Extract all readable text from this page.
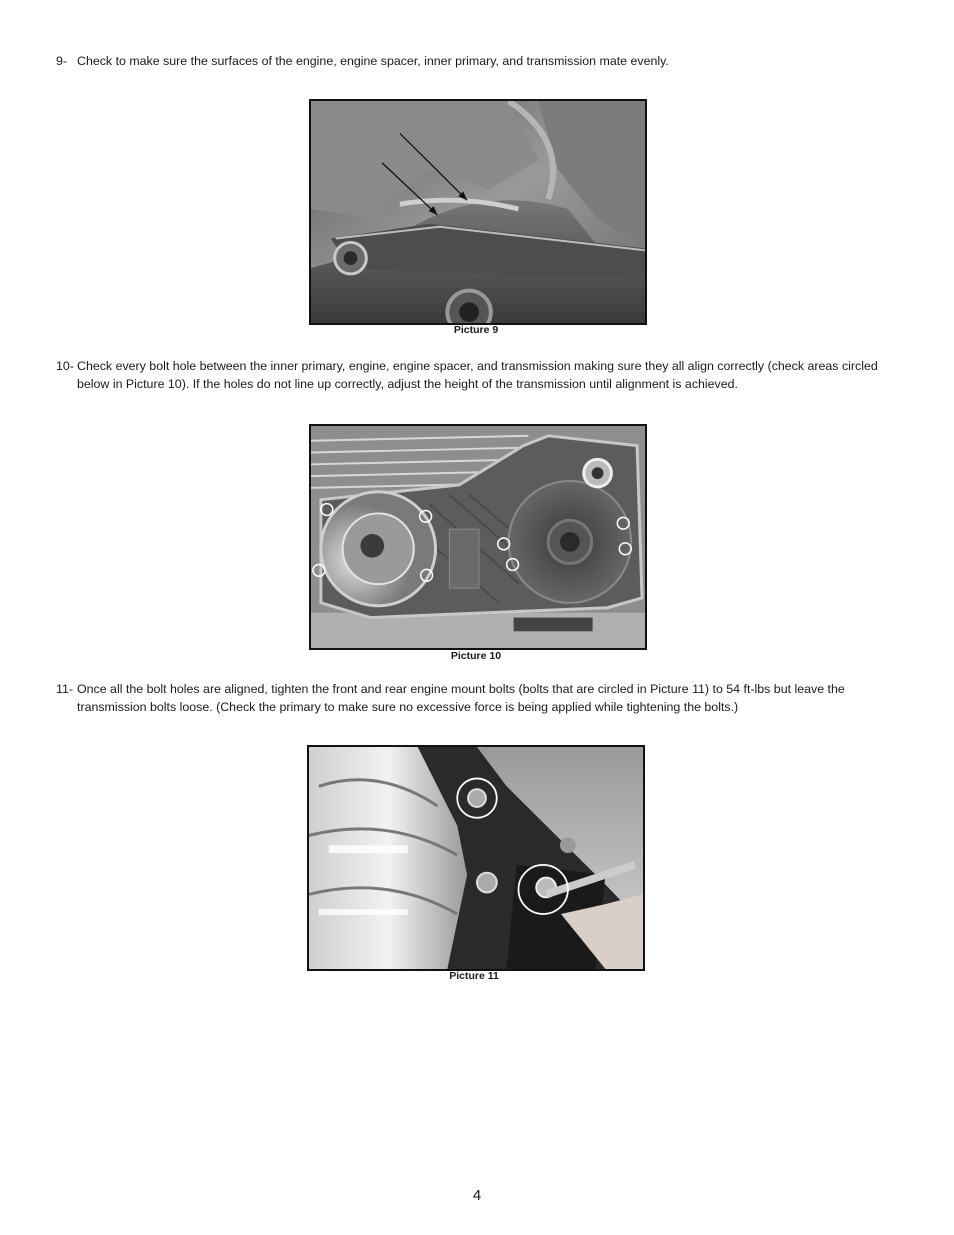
9- Check to make sure the surfaces of the engine, engine spacer, inner primary, and transmission mate evenly.
Picture 9
10- Check every bolt hole between the inner primary, engine, engine spacer, and transmission making sure they all align correctly (check areas circled below in Picture 10). If the holes do not line up correctly, adjust the height of the transmission until alignment is achieved.
Picture 10
11- Once all the bolt holes are aligned, tighten the front and rear engine mount bolts (bolts that are circled in Picture 11) to 54 ft-lbs but leave the transmission bolts loose. (Check the primary to make sure no excessive force is being applied while tightening the bolts.)
Picture 11
4
